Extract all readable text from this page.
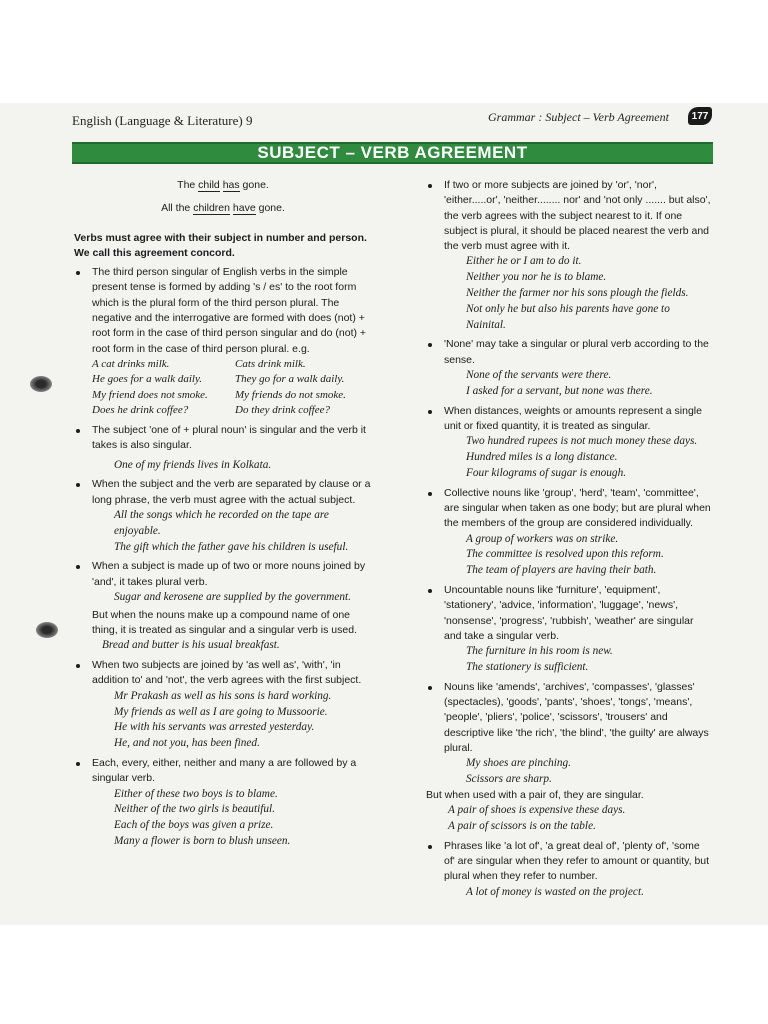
English (Language & Literature) 9	Grammar : Subject – Verb Agreement	177
SUBJECT – VERB AGREEMENT

The child has gone.

All the children have gone.

Verbs must agree with their subject in number and person. We call this agreement concord.

The third person singular of English verbs in the simple present tense is formed by adding 's / es' to the root form which is the plural form of the third person plural. The negative and the interrogative are formed with does (not) + root form in the case of third person singular and do (not) + root form in the case of third person plural. e.g.
A cat drinks milk.	Cats drink milk.
He goes for a walk daily.	They go for a walk daily.
My friend does not smoke.	My friends do not smoke.
Does he drink coffee?	Do they drink coffee?
The subject 'one of + plural noun' is singular and the verb it takes is also singular.
One of my friends lives in Kolkata.
When the subject and the verb are separated by clause or a long phrase, the verb must agree with the actual subject.
All the songs which he recorded on the tape are enjoyable.
The gift which the father gave his children is useful.
When a subject is made up of two or more nouns joined by 'and', it takes plural verb.
Sugar and kerosene are supplied by the government.
But when the nouns make up a compound name of one thing, it is treated as singular and a singular verb is used.
Bread and butter is his usual breakfast.
When two subjects are joined by 'as well as', 'with', 'in addition to' and 'not', the verb agrees with the first subject.
Mr Prakash as well as his sons is hard working.
My friends as well as I are going to Mussoorie.
He with his servants was arrested yesterday.
He, and not you, has been fined.
Each, every, either, neither and many a are followed by a singular verb.
Either of these two boys is to blame.
Neither of the two girls is beautiful.
Each of the boys was given a prize.
Many a flower is born to blush unseen.
If two or more subjects are joined by 'or', 'nor', 'either.....or', 'neither........ nor' and 'not only ....... but also', the verb agrees with the subject nearest to it. If one subject is plural, it should be placed nearest the verb and the verb must agree with it.
Either he or I am to do it.
Neither you nor he is to blame.
Neither the farmer nor his sons plough the fields.
Not only he but also his parents have gone to Nainital.
'None' may take a singular or plural verb according to the sense.
None of the servants were there.
I asked for a servant, but none was there.
When distances, weights or amounts represent a single unit or fixed quantity, it is treated as singular.
Two hundred rupees is not much money these days.
Hundred miles is a long distance.
Four kilograms of sugar is enough.
Collective nouns like 'group', 'herd', 'team', 'committee', are singular when taken as one body; but are plural when the members of the group are considered individually.
A group of workers was on strike.
The committee is resolved upon this reform.
The team of players are having their bath.
Uncountable nouns like 'furniture', 'equipment', 'stationery', 'advice, 'information', 'luggage', 'news', 'nonsense', 'progress', 'rubbish', 'weather' are singular and take a singular verb.
The furniture in his room is new.
The stationery is sufficient.
Nouns like 'amends', 'archives', 'compasses', 'glasses' (spectacles), 'goods', 'pants', 'shoes', 'tongs', 'means', 'people', 'pliers', 'police', 'scissors', 'trousers' and descriptive like 'the rich', 'the blind', 'the guilty' are always plural.
My shoes are pinching.
Scissors are sharp.
But when used with a pair of, they are singular.
A pair of shoes is expensive these days.
A pair of scissors is on the table.
Phrases like 'a lot of', 'a great deal of', 'plenty of', 'some of' are singular when they refer to amount or quantity, but plural when they refer to number.
A lot of money is wasted on the project.
